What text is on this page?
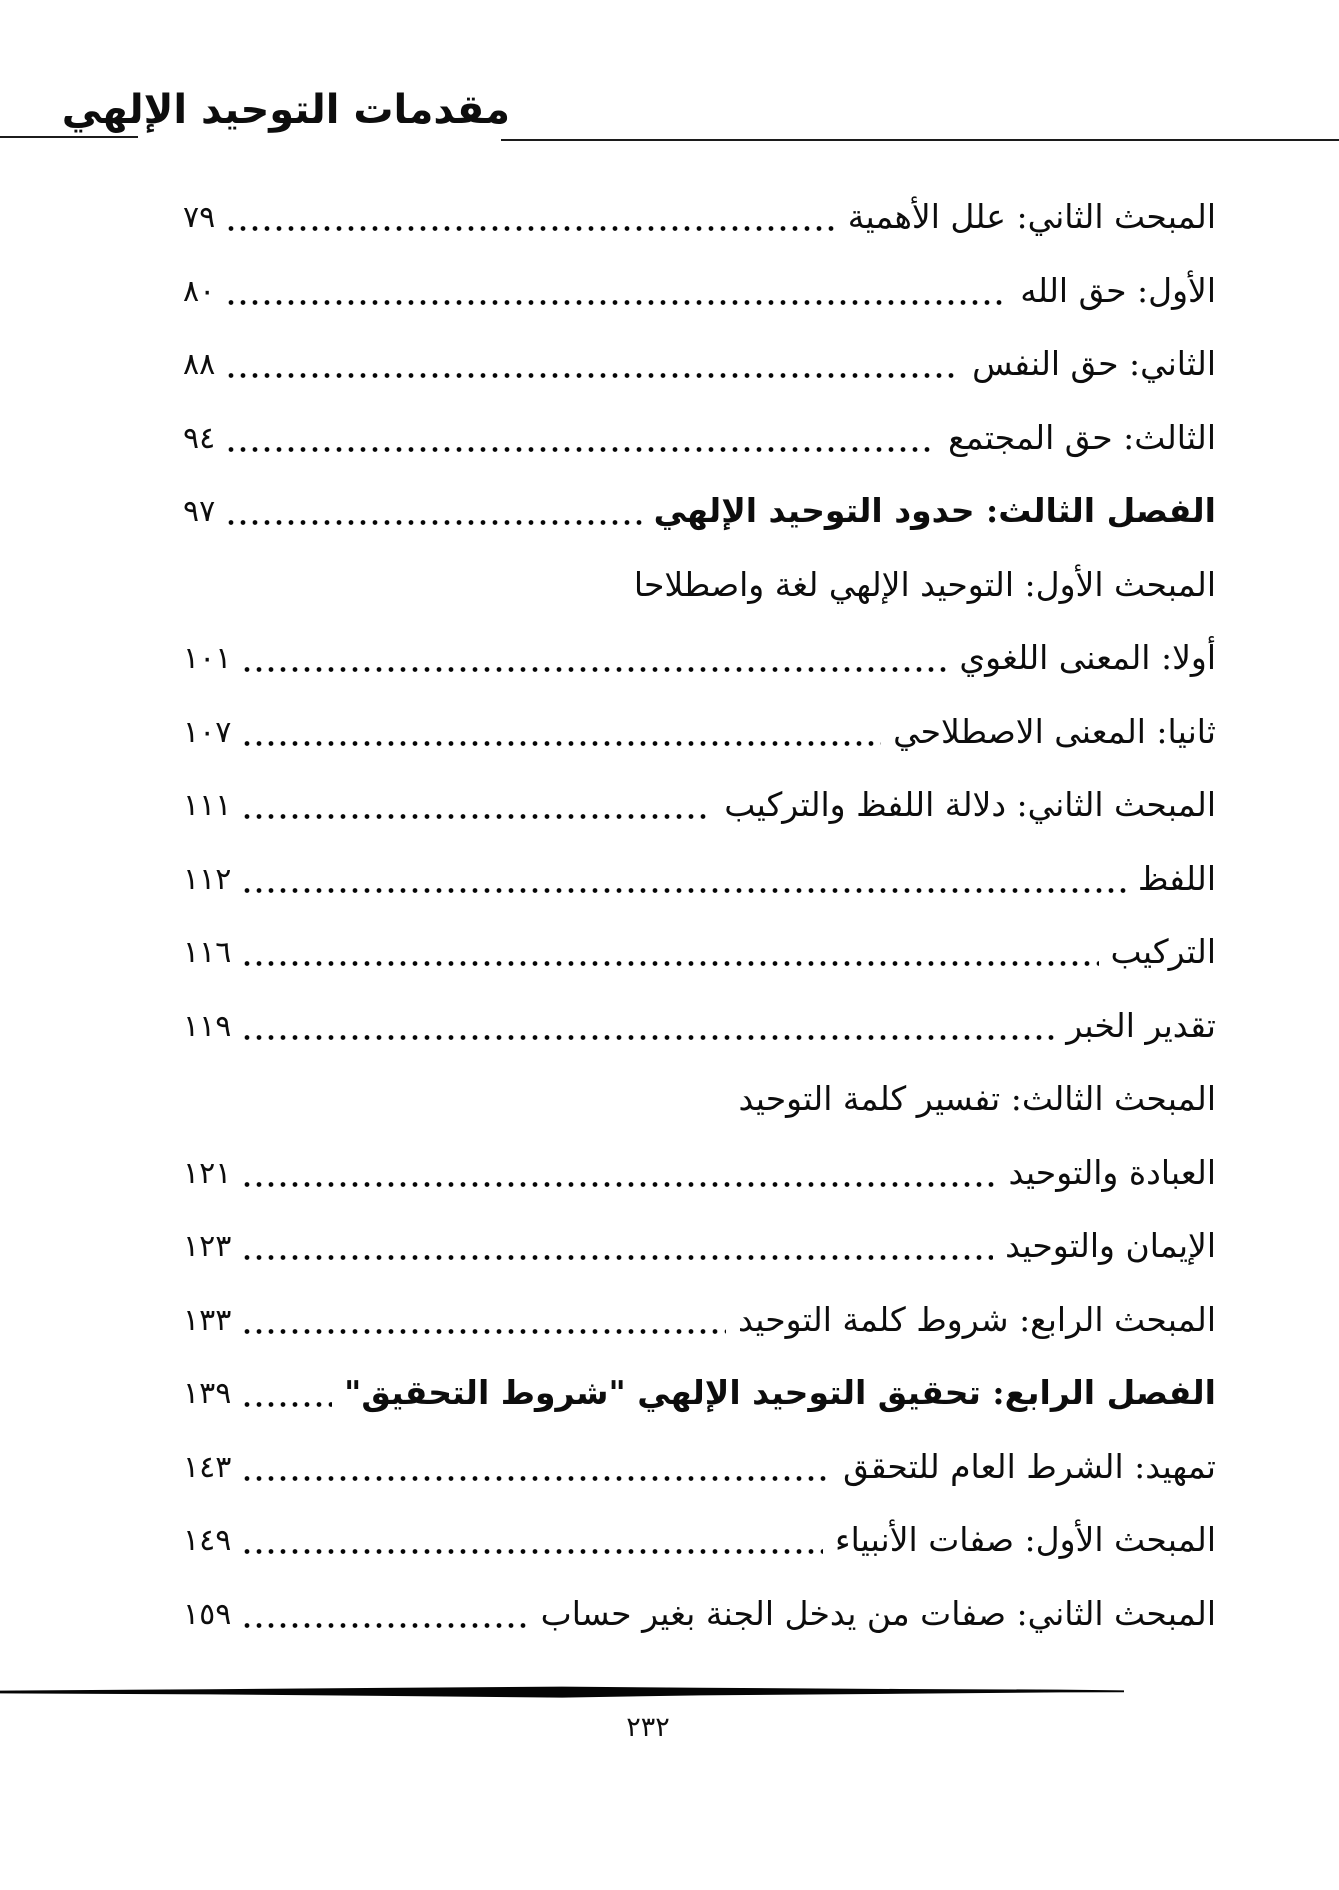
مقدمات التوحيد الإلهي
المبحث الثاني: علل الأهمية
٧٩
الأول: حق الله
٨٠
الثاني: حق النفس
٨٨
الثالث: حق المجتمع
٩٤
الفصل الثالث: حدود التوحيد الإلهي
٩٧
المبحث الأول: التوحيد الإلهي لغة واصطلاحا
أولا: المعنى اللغوي
١٠١
ثانيا: المعنى الاصطلاحي
١٠٧
المبحث الثاني: دلالة اللفظ والتركيب
١١١
اللفظ
١١٢
التركيب
١١٦
تقدير الخبر
١١٩
المبحث الثالث: تفسير كلمة التوحيد
العبادة والتوحيد
١٢١
الإيمان والتوحيد
١٢٣
المبحث الرابع: شروط كلمة التوحيد
١٣٣
الفصل الرابع: تحقيق التوحيد الإلهي "شروط التحقيق"
١٣٩
تمهيد: الشرط العام للتحقق
١٤٣
المبحث الأول: صفات الأنبياء
١٤٩
المبحث الثاني: صفات من يدخل الجنة بغير حساب
١٥٩
٢٣٢
